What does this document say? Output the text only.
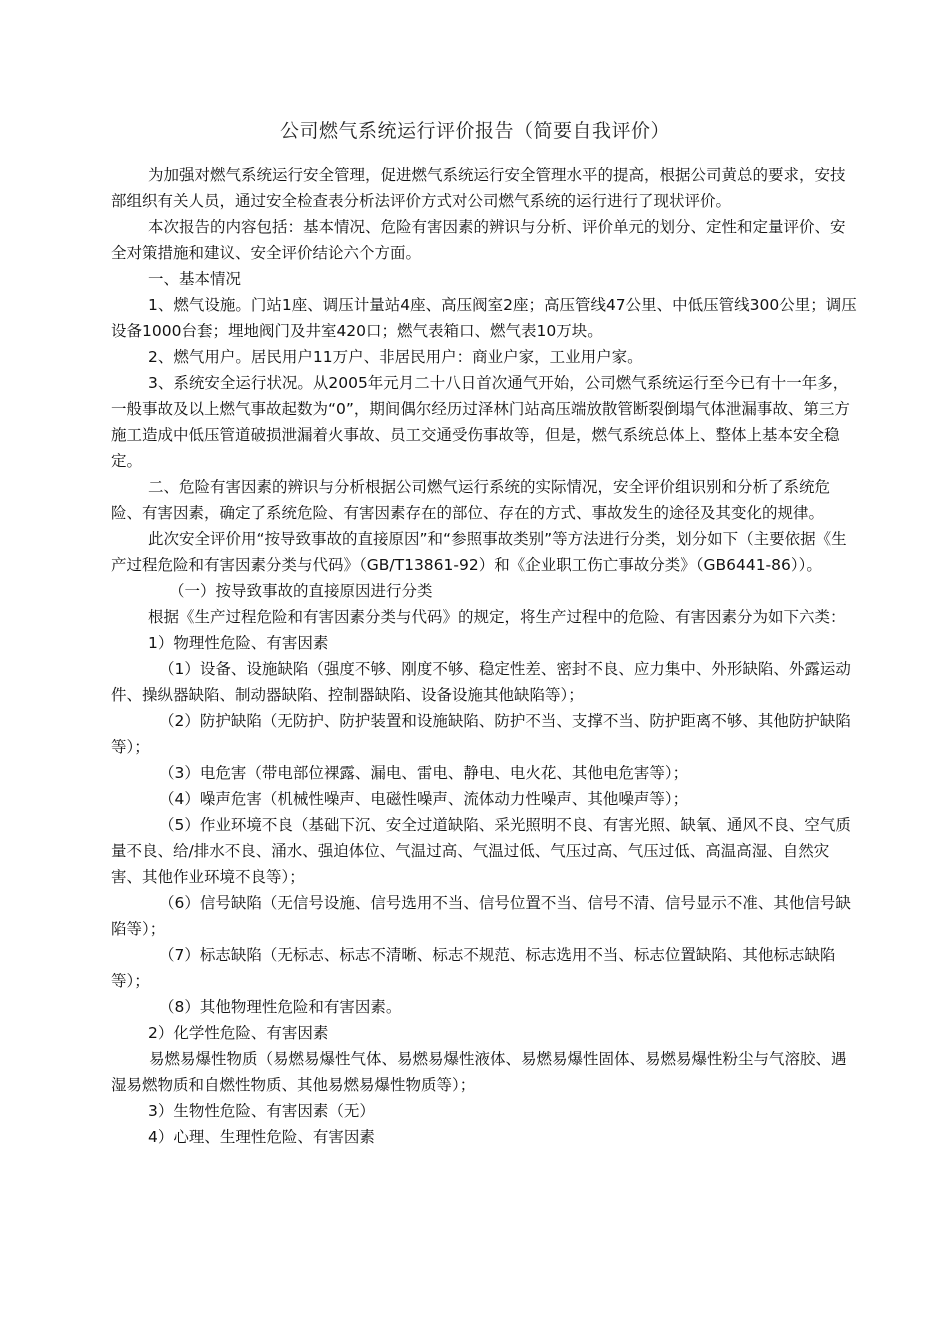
公司燃气系统运行评价报告（简要自我评价）

为加强对燃气系统运行安全管理，促进燃气系统运行安全管理水平的提高，根据公司黄总的要求，安技部组织有关人员，通过安全检查表分析法评价方式对公司燃气系统的运行进行了现状评价。

本次报告的内容包括：基本情况、危险有害因素的辨识与分析、评价单元的划分、定性和定量评价、安全对策措施和建议、安全评价结论六个方面。

一、基本情况

1、燃气设施。门站1座、调压计量站4座、高压阀室2座；高压管线47公里、中低压管线300公里；调压设备1000台套；埋地阀门及井室420口；燃气表箱口、燃气表10万块。

2、燃气用户。居民用户11万户、非居民用户：商业户家，工业用户家。

3、系统安全运行状况。从2005年元月二十八日首次通气开始，公司燃气系统运行至今已有十一年多，一般事故及以上燃气事故起数为“0”，期间偶尔经历过泽林门站高压端放散管断裂倒塌气体泄漏事故、第三方施工造成中低压管道破损泄漏着火事故、员工交通受伤事故等，但是，燃气系统总体上、整体上基本安全稳定。

二、危险有害因素的辨识与分析根据公司燃气运行系统的实际情况，安全评价组识别和分析了系统危险、有害因素，确定了系统危险、有害因素存在的部位、存在的方式、事故发生的途径及其变化的规律。

此次安全评价用“按导致事故的直接原因”和“参照事故类别”等方法进行分类，划分如下（主要依据《生产过程危险和有害因素分类与代码》（GB/T13861-92）和《企业职工伤亡事故分类》（GB6441-86））。

（一）按导致事故的直接原因进行分类

根据《生产过程危险和有害因素分类与代码》的规定，将生产过程中的危险、有害因素分为如下六类：

1）物理性危险、有害因素

（1）设备、设施缺陷（强度不够、刚度不够、稳定性差、密封不良、应力集中、外形缺陷、外露运动件、操纵器缺陷、制动器缺陷、控制器缺陷、设备设施其他缺陷等）；

（2）防护缺陷（无防护、防护装置和设施缺陷、防护不当、支撑不当、防护距离不够、其他防护缺陷等）；

（3）电危害（带电部位裸露、漏电、雷电、静电、电火花、其他电危害等）；

（4）噪声危害（机械性噪声、电磁性噪声、流体动力性噪声、其他噪声等）；

（5）作业环境不良（基础下沉、安全过道缺陷、采光照明不良、有害光照、缺氧、通风不良、空气质量不良、给/排水不良、涌水、强迫体位、气温过高、气温过低、气压过高、气压过低、高温高湿、自然灾害、其他作业环境不良等）；

（6）信号缺陷（无信号设施、信号选用不当、信号位置不当、信号不清、信号显示不准、其他信号缺陷等）；

（7）标志缺陷（无标志、标志不清晰、标志不规范、标志选用不当、标志位置缺陷、其他标志缺陷等）；

（8）其他物理性危险和有害因素。

2）化学性危险、有害因素

易燃易爆性物质（易燃易爆性气体、易燃易爆性液体、易燃易爆性固体、易燃易爆性粉尘与气溶胶、遇湿易燃物质和自燃性物质、其他易燃易爆性物质等）；

3）生物性危险、有害因素（无）

4）心理、生理性危险、有害因素
